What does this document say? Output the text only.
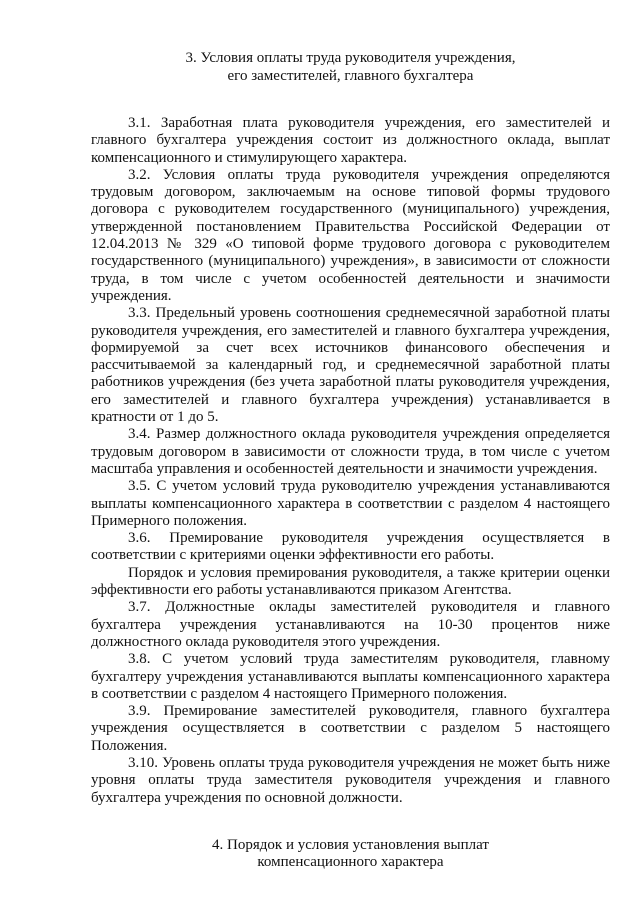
3. Условия оплаты труда руководителя учреждения,
его заместителей, главного бухгалтера

3.1. Заработная плата руководителя учреждения, его заместителей и главного бухгалтера учреждения состоит из должностного оклада, выплат компенсационного и стимулирующего характера.

3.2. Условия оплаты труда руководителя учреждения определяются трудовым договором, заключаемым на основе типовой формы трудового договора с руководителем государственного (муниципального) учреждения, утвержденной постановлением Правительства Российской Федерации от 12.04.2013 № 329 «О типовой форме трудового договора с руководителем государственного (муниципального) учреждения», в зависимости от сложности труда, в том числе с учетом особенностей деятельности и значимости учреждения.

3.3. Предельный уровень соотношения среднемесячной заработной платы руководителя учреждения, его заместителей и главного бухгалтера учреждения, формируемой за счет всех источников финансового обеспечения и рассчитываемой за календарный год, и среднемесячной заработной платы работников учреждения (без учета заработной платы руководителя учреждения, его заместителей и главного бухгалтера учреждения) устанавливается в кратности от 1 до 5.

3.4. Размер должностного оклада руководителя учреждения определяется трудовым договором в зависимости от сложности труда, в том числе с учетом масштаба управления и особенностей деятельности и значимости учреждения.

3.5. С учетом условий труда руководителю учреждения устанавливаются выплаты компенсационного характера в соответствии с разделом 4 настоящего Примерного положения.

3.6. Премирование руководителя учреждения осуществляется в соответствии с критериями оценки эффективности его работы.

Порядок и условия премирования руководителя, а также критерии оценки эффективности его работы устанавливаются приказом Агентства.

3.7. Должностные оклады заместителей руководителя и главного бухгалтера учреждения устанавливаются на 10-30 процентов ниже должностного оклада руководителя этого учреждения.

3.8. С учетом условий труда заместителям руководителя, главному бухгалтеру учреждения устанавливаются выплаты компенсационного характера в соответствии с разделом 4 настоящего Примерного положения.

3.9. Премирование заместителей руководителя, главного бухгалтера учреждения осуществляется в соответствии с разделом 5 настоящего Положения.

3.10. Уровень оплаты труда руководителя учреждения не может быть ниже уровня оплаты труда заместителя руководителя учреждения и главного бухгалтера учреждения по основной должности.

4. Порядок и условия установления выплат
компенсационного характера
